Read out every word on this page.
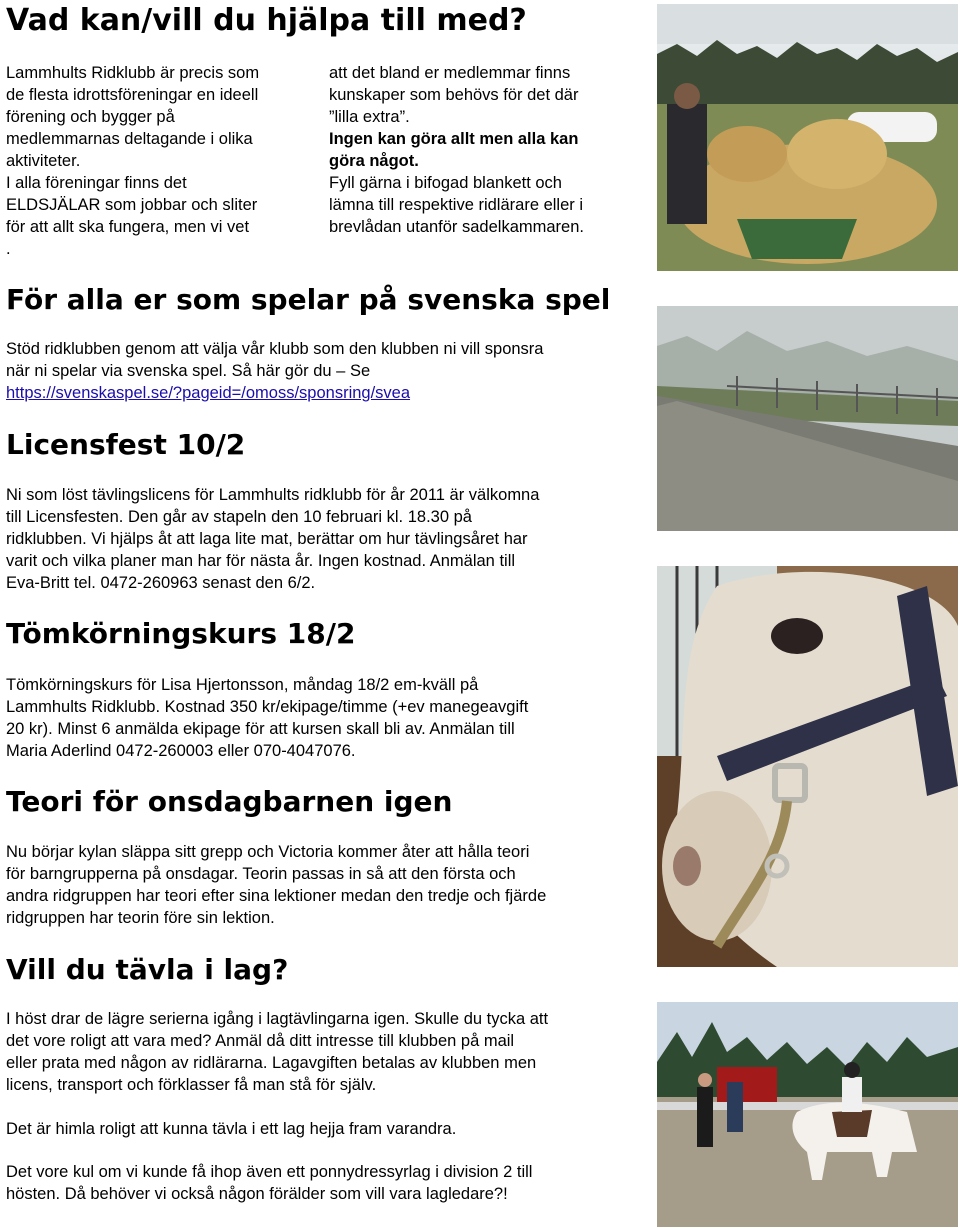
Vad kan/vill du hjälpa till med?
Lammhults Ridklubb är precis som
de flesta idrottsföreningar en ideell
förening och bygger på
medlemmarnas deltagande i olika
aktiviteter.
I alla föreningar finns det
ELDSJÄLAR som jobbar och sliter
för att allt ska fungera, men vi vet
.
att det bland er medlemmar finns
kunskaper som behövs för det där
”lilla extra”.
Ingen kan göra allt men alla kan
göra något.
Fyll gärna i bifogad blankett och
lämna till respektive ridlärare eller i
brevlådan utanför sadelkammaren.
För alla er som spelar på svenska spel
Stöd ridklubben genom att välja vår klubb som den klubben ni vill sponsra
när ni spelar via svenska spel. Så här gör du – Se
https://svenskaspel.se/?pageid=/omoss/sponsring/svea
Licensfest 10/2
Ni som löst tävlingslicens för Lammhults ridklubb för år 2011 är välkomna
till Licensfesten. Den går av stapeln den 10 februari kl. 18.30 på
ridklubben. Vi hjälps åt att laga lite mat, berättar om hur tävlingsåret har
varit och vilka planer man har för nästa år. Ingen kostnad. Anmälan till
Eva-Britt tel. 0472-260963 senast den 6/2.
Tömkörningskurs 18/2
Tömkörningskurs för Lisa Hjertonsson, måndag 18/2 em-kväll på
Lammhults Ridklubb. Kostnad 350 kr/ekipage/timme (+ev manegeavgift
20 kr). Minst 6 anmälda ekipage för att kursen skall bli av. Anmälan till
Maria Aderlind 0472-260003 eller 070-4047076.
Teori för onsdagbarnen igen
Nu börjar kylan släppa sitt grepp och Victoria kommer åter att hålla teori
för barngrupperna på onsdagar. Teorin passas in så att den första och
andra ridgruppen har teori efter sina lektioner medan den tredje och fjärde
ridgruppen har teorin före sin lektion.
Vill du tävla i lag?
I höst drar de lägre serierna igång i lagtävlingarna igen. Skulle du tycka att
det vore roligt att vara med? Anmäl då ditt intresse till klubben på mail
eller prata med någon av ridlärarna. Lagavgiften betalas av klubben men
licens, transport och förklasser få man stå för själv.
Det är himla roligt att kunna tävla i ett lag hejja fram varandra.
Det vore kul om vi kunde få ihop även ett ponnydressyrlag i division 2 till
hösten. Då behöver vi också någon förälder som vill vara lagledare?!
